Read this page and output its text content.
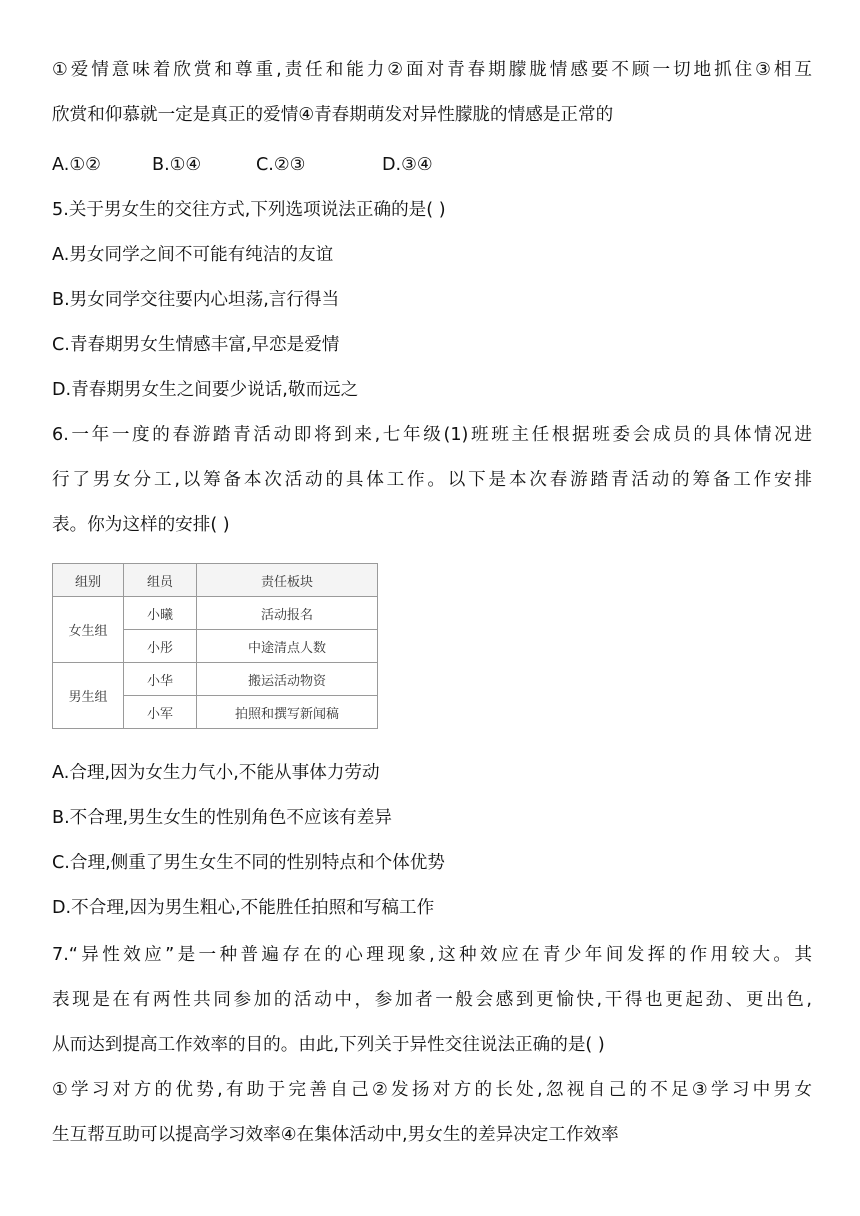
①爱情意味着欣赏和尊重,责任和能力②面对青春期朦胧情感要不顾一切地抓住③相互
欣赏和仰慕就一定是真正的爱情④青春期萌发对异性朦胧的情感是正常的
A.①②	B.①④	C.②③	D.③④
5.关于男女生的交往方式,下列选项说法正确的是( )
A.男女同学之间不可能有纯洁的友谊
B.男女同学交往要内心坦荡,言行得当
C.青春期男女生情感丰富,早恋是爱情
D.青春期男女生之间要少说话,敬而远之
6.一年一度的春游踏青活动即将到来,七年级(1)班班主任根据班委会成员的具体情况进
行了男女分工,以筹备本次活动的具体工作。以下是本次春游踏青活动的筹备工作安排
表。你为这样的安排( )
组别	组员	责任板块
女生组	小曦	活动报名
	小彤	中途清点人数
男生组	小华	搬运活动物资
	小军	拍照和撰写新闻稿
A.合理,因为女生力气小,不能从事体力劳动
B.不合理,男生女生的性别角色不应该有差异
C.合理,侧重了男生女生不同的性别特点和个体优势
D.不合理,因为男生粗心,不能胜任拍照和写稿工作
7.“异性效应”是一种普遍存在的心理现象,这种效应在青少年间发挥的作用较大。其
表现是在有两性共同参加的活动中，参加者一般会感到更愉快,干得也更起劲、更出色,
从而达到提高工作效率的目的。由此,下列关于异性交往说法正确的是( )
①学习对方的优势,有助于完善自己②发扬对方的长处,忽视自己的不足③学习中男女
生互帮互助可以提高学习效率④在集体活动中,男女生的差异决定工作效率
